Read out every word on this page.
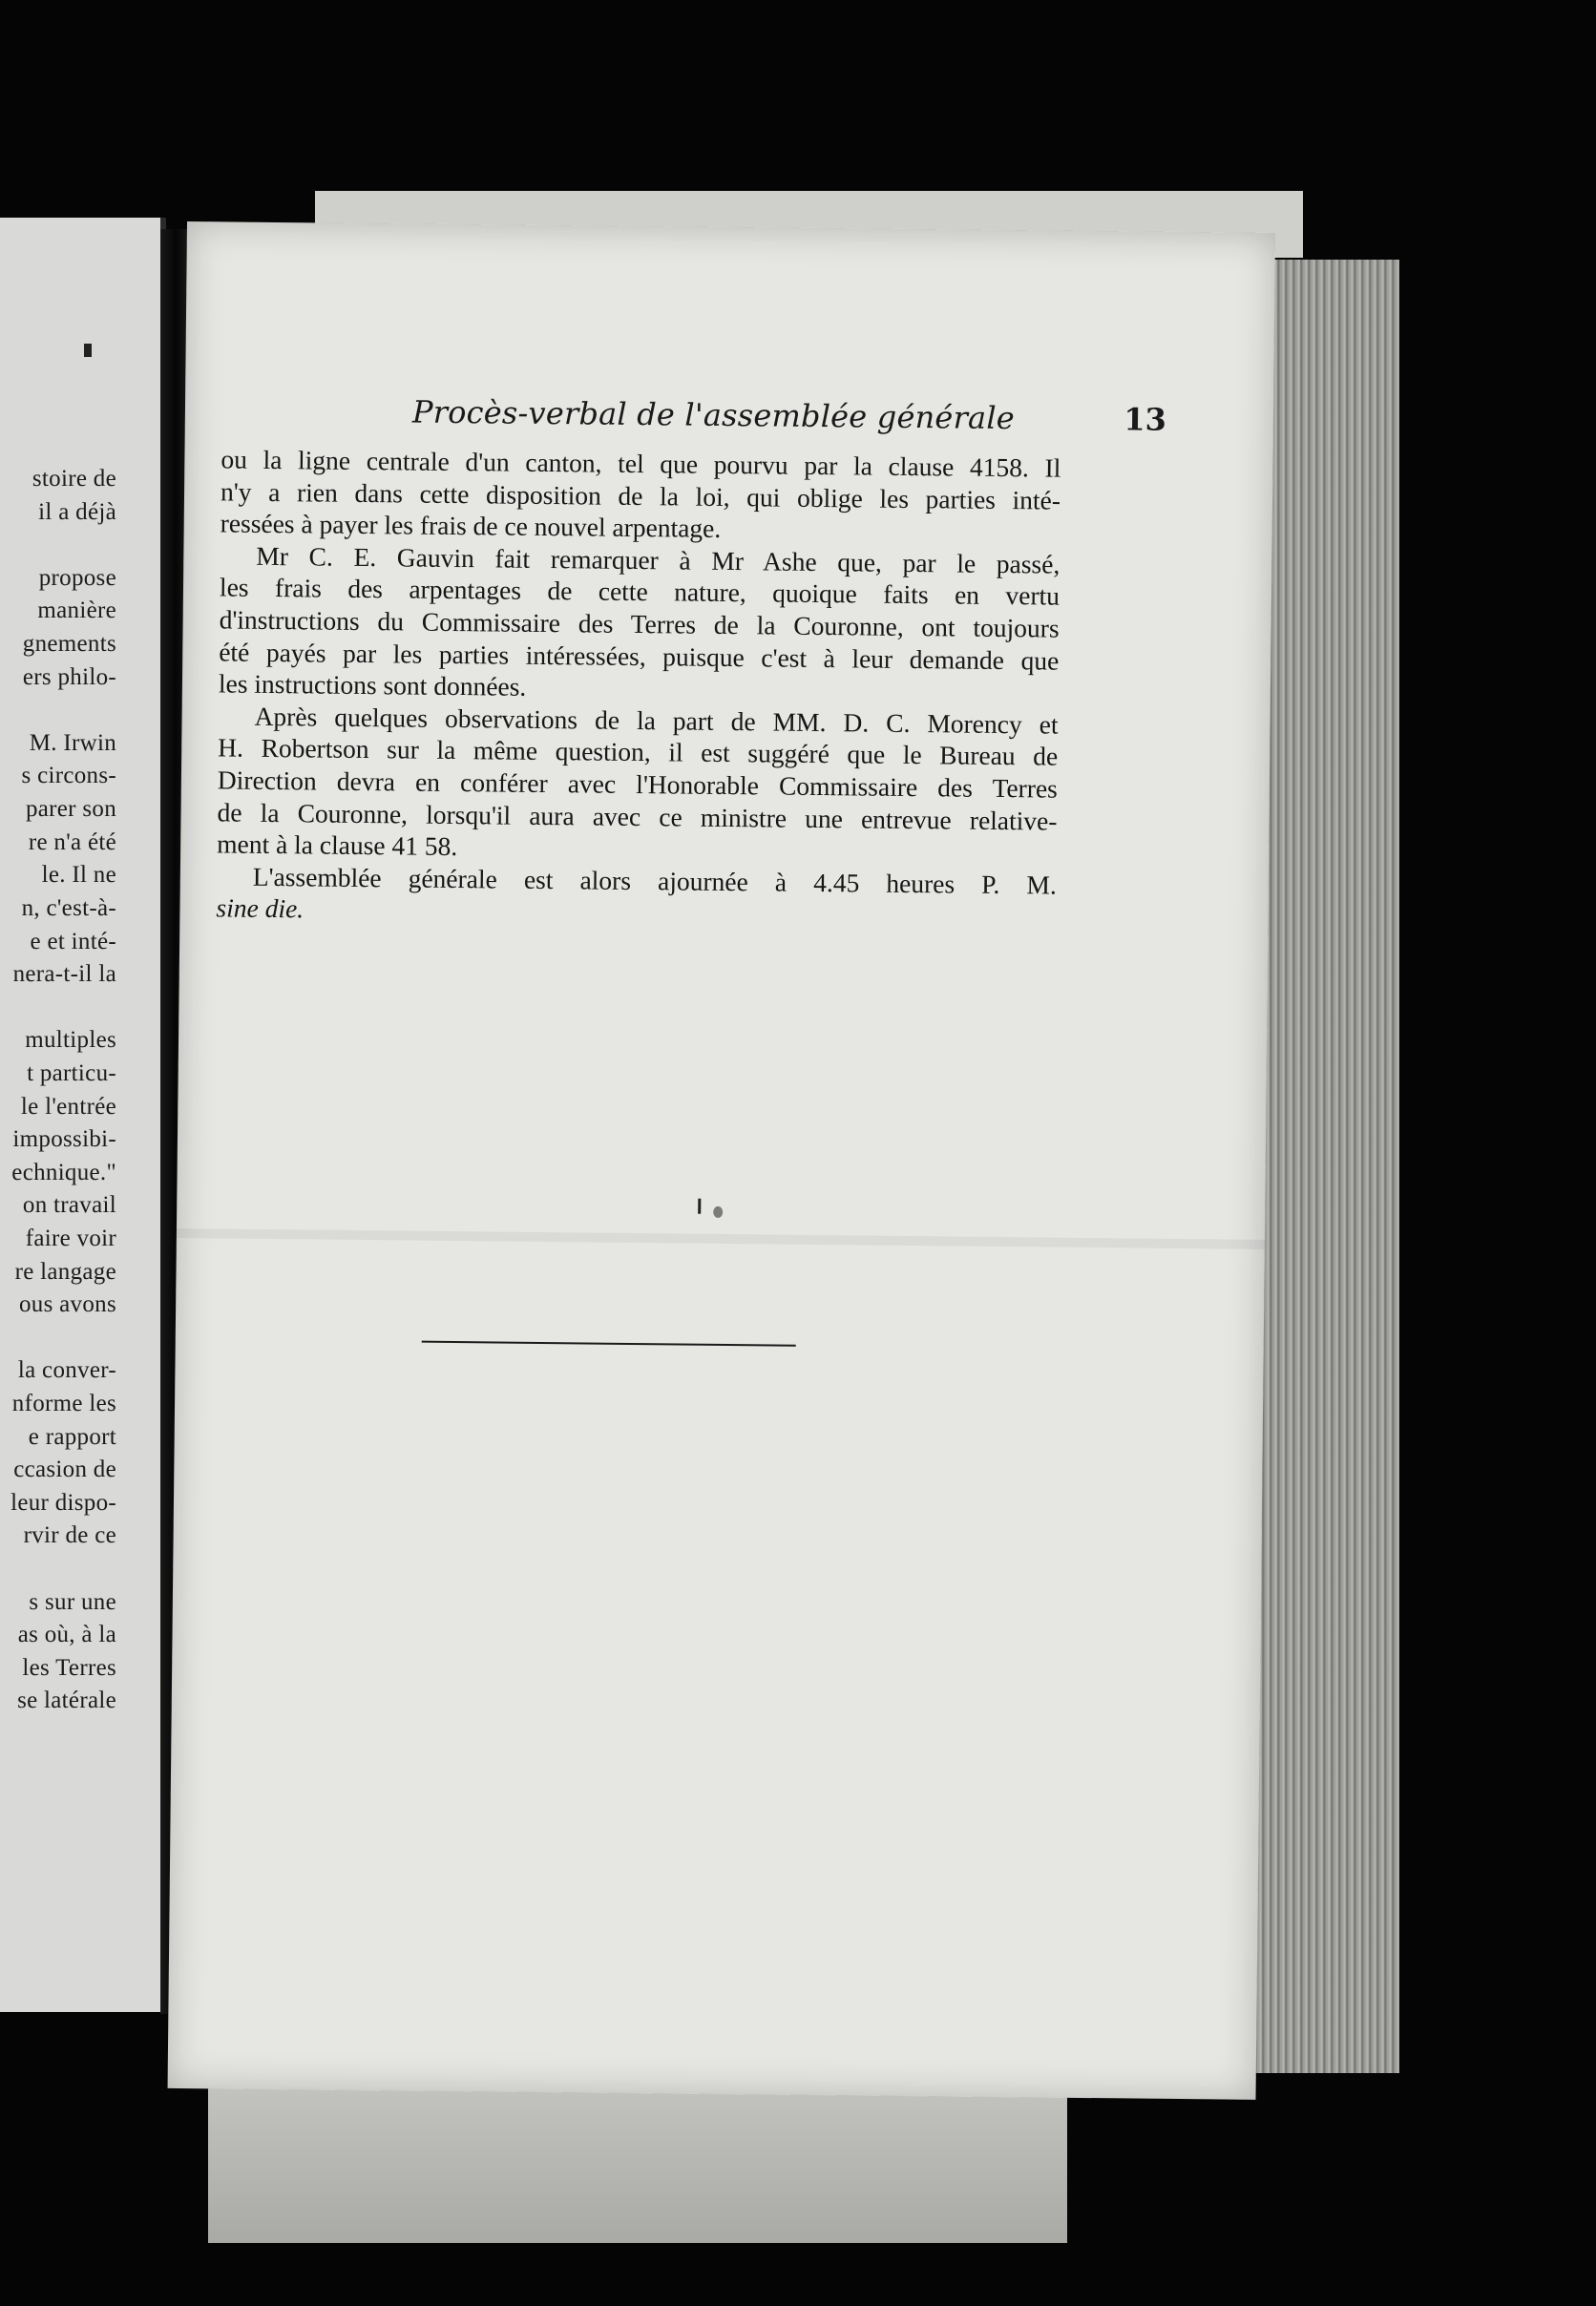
stoire de
il a déjà
propose
manière
gnements
ers philo-
M. Irwin
s circons-
parer son
re n'a été
le. Il ne
n, c'est-à-
e et inté-
nera-t-il la
multiples
t particu-
le l'entrée
impossibi-
echnique."
on travail
faire voir
re langage
ous avons
la conver-
nforme les
e rapport
ccasion de
leur dispo-
rvir de ce
s sur une
as où, à la
les Terres
se latérale
Procès-verbal de l'assemblée générale	13
ou la ligne centrale d'un canton, tel que pourvu par la clause 4158. Il
n'y a rien dans cette disposition de la loi, qui oblige les parties inté-
ressées à payer les frais de ce nouvel arpentage.
Mr C. E. Gauvin fait remarquer à Mr Ashe que, par le passé,
les frais des arpentages de cette nature, quoique faits en vertu
d'instructions du Commissaire des Terres de la Couronne, ont toujours
été payés par les parties intéressées, puisque c'est à leur demande que
les instructions sont données.
Après quelques observations de la part de MM. D. C. Morency et
H. Robertson sur la même question, il est suggéré que le Bureau de
Direction devra en conférer avec l'Honorable Commissaire des Terres
de la Couronne, lorsqu'il aura avec ce ministre une entrevue relative-
ment à la clause 41 58.
L'assemblée générale est alors ajournée à 4.45 heures P. M.
sine die.
